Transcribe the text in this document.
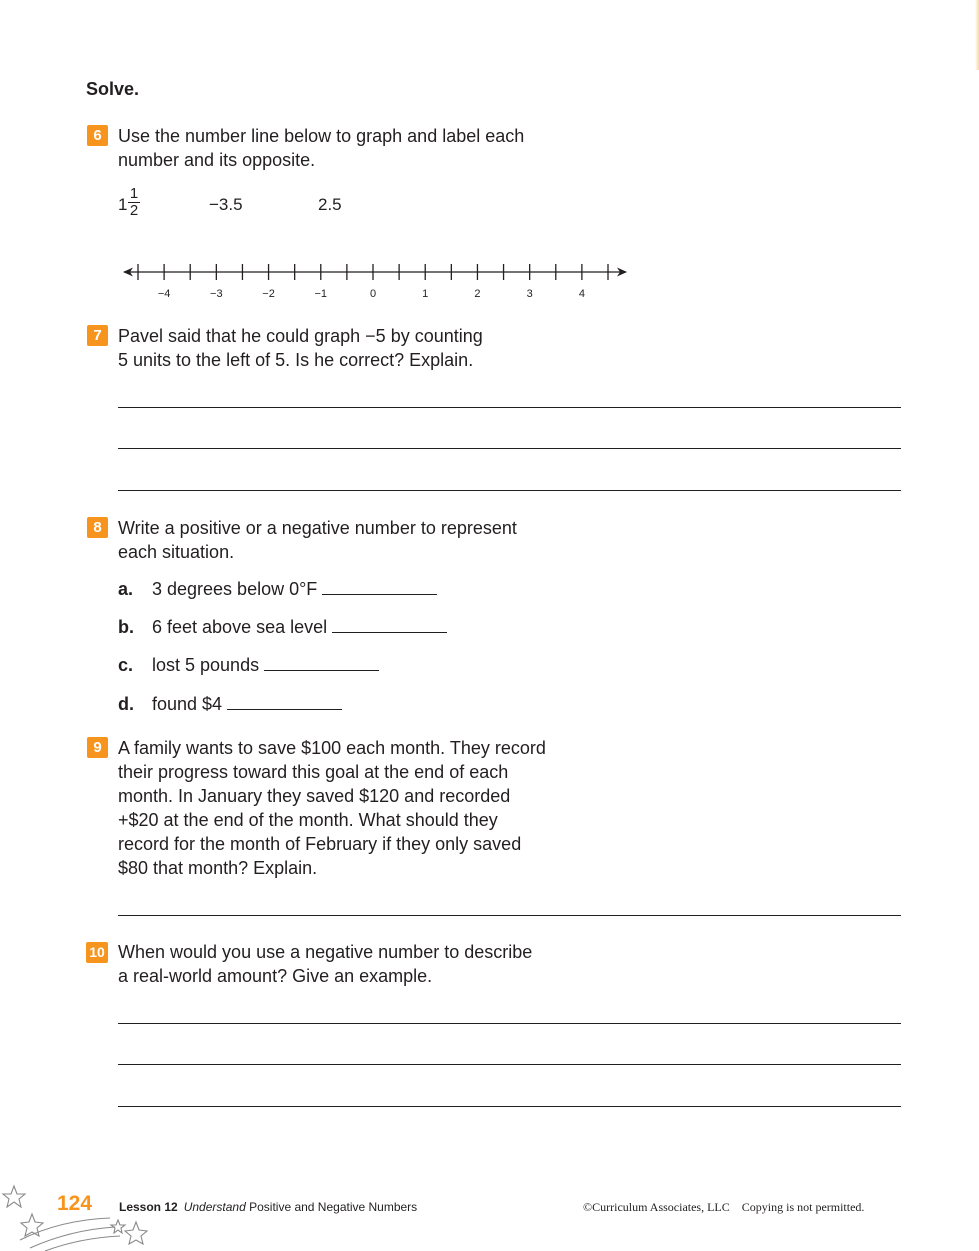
Solve.
6 Use the number line below to graph and label each
number and its opposite.
$1 \frac{1}{2}$	−3.5	2.5
−4	−3	−2	−1	0	1	2	3	4
7 Pavel said that he could graph −5 by counting
5 units to the left of 5. Is he correct? Explain.
8 Write a positive or a negative number to represent
each situation.
a. 3 degrees below 0°F
b. 6 feet above sea level
c. lost 5 pounds
d. found $4
9 A family wants to save $100 each month. They record
their progress toward this goal at the end of each
month. In January they saved $120 and recorded
+$20 at the end of the month. What should they
record for the month of February if they only saved
$80 that month? Explain.
10 When would you use a negative number to describe
a real-world amount? Give an example.
124 Lesson 12 Understand Positive and Negative Numbers	©Curriculum Associates, LLC Copying is not permitted.
